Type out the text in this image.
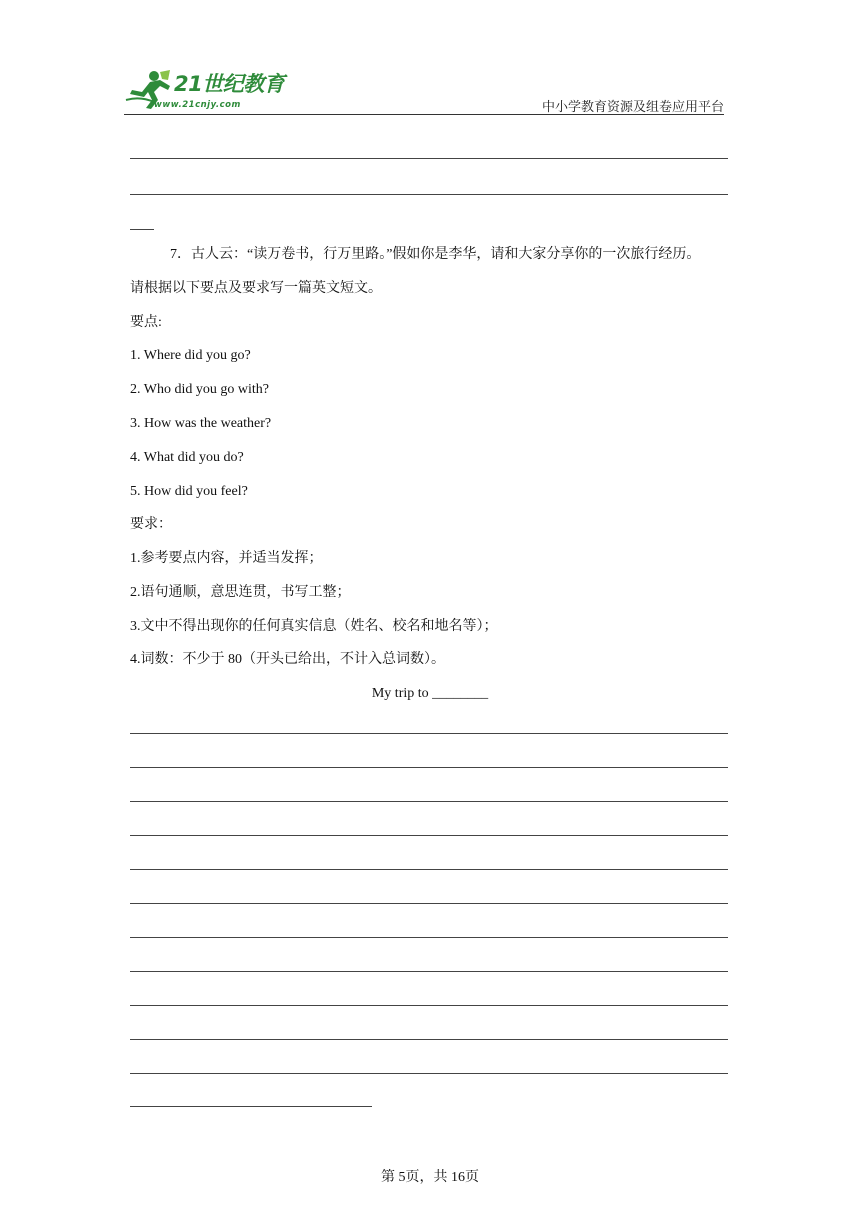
21世纪教育
www.21cnjy.com	中小学教育资源及组卷应用平台
7．古人云：“读万卷书，行万里路。”假如你是李华，请和大家分享你的一次旅行经历。
请根据以下要点及要求写一篇英文短文。
要点:
1. Where did you go?
2. Who did you go with?
3. How was the weather?
4. What did you do?
5. How did you feel?
要求：
1.参考要点内容，并适当发挥；
2.语句通顺，意思连贯，书写工整；
3.文中不得出现你的任何真实信息（姓名、校名和地名等）；
4.词数：不少于 80（开头已给出，不计入总词数）。
My trip to ________
第 5页，共 16页
